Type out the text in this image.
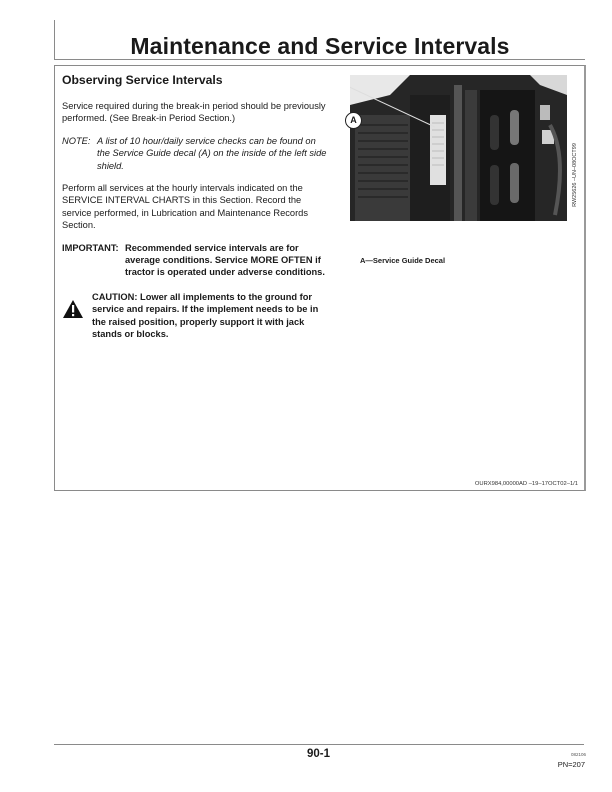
Maintenance and Service Intervals
Observing Service Intervals

Service required during the break-in period should be previously performed. (See Break-in Period Section.)

NOTE: A list of 10 hour/daily service checks can be found on the Service Guide decal (A) on the inside of the left side shield.

Perform all services at the hourly intervals indicated on the SERVICE INTERVAL CHARTS in this Section. Record the service performed, in Lubrication and Maintenance Records Section.

IMPORTANT: Recommended service intervals are for average conditions. Service MORE OFTEN if tractor is operated under adverse conditions.
CAUTION: Lower all implements to the ground for service and repairs. If the implement needs to be in the raised position, properly support it with jack stands or blocks.
A
RW25626 –UN–08OCT99
A—Service Guide Decal
OURX984,00000AD –19–17OCT02–1/1
90-1	082106
PN=207
